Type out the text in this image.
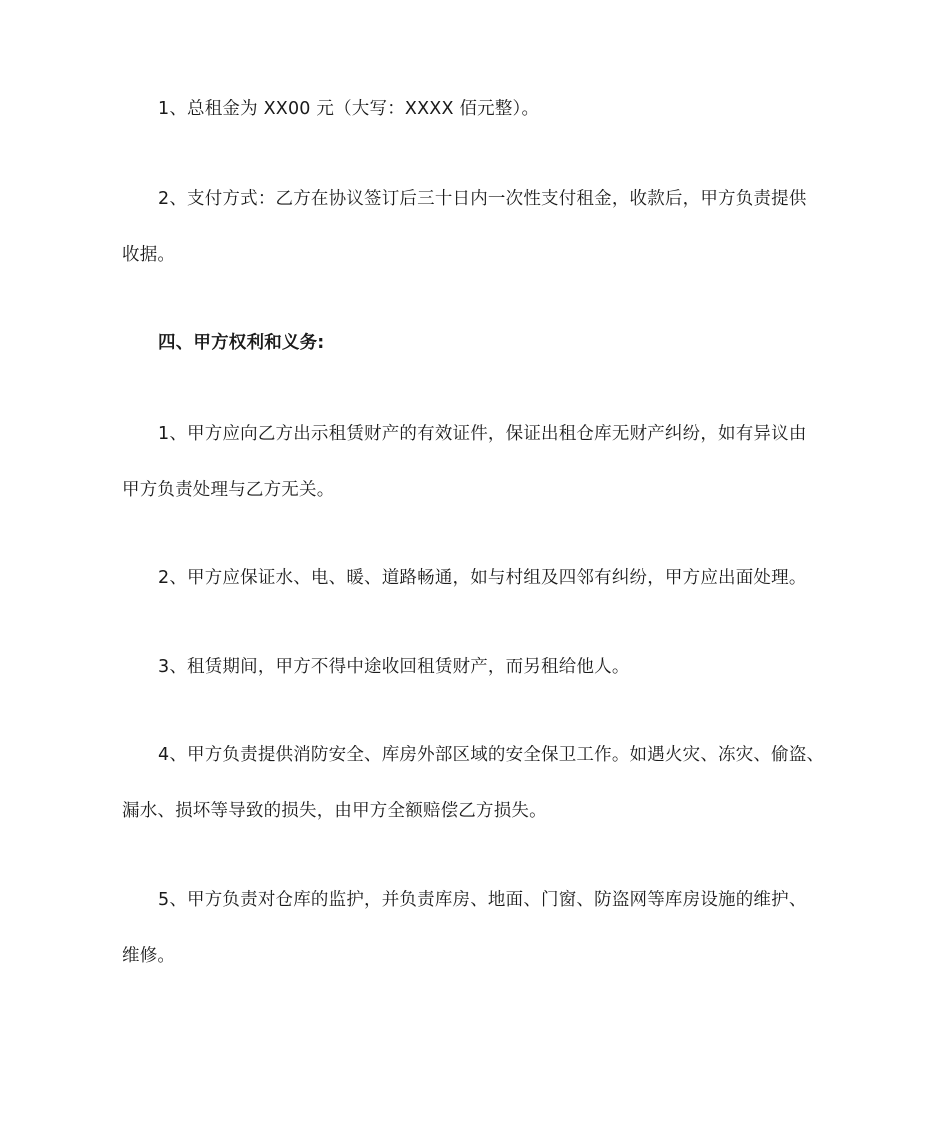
1、总租金为 XX00 元（大写：XXXX 佰元整）。
2、支付方式：乙方在协议签订后三十日内一次性支付租金，收款后，甲方负责提供
收据。
四、甲方权利和义务:
1、甲方应向乙方出示租赁财产的有效证件，保证出租仓库无财产纠纷，如有异议由
甲方负责处理与乙方无关。
2、甲方应保证水、电、暖、道路畅通，如与村组及四邻有纠纷，甲方应出面处理。
3、租赁期间，甲方不得中途收回租赁财产，而另租给他人。
4、甲方负责提供消防安全、库房外部区域的安全保卫工作。如遇火灾、冻灾、偷盗、
漏水、损坏等导致的损失，由甲方全额赔偿乙方损失。
5、甲方负责对仓库的监护，并负责库房、地面、门窗、防盗网等库房设施的维护、
维修。
